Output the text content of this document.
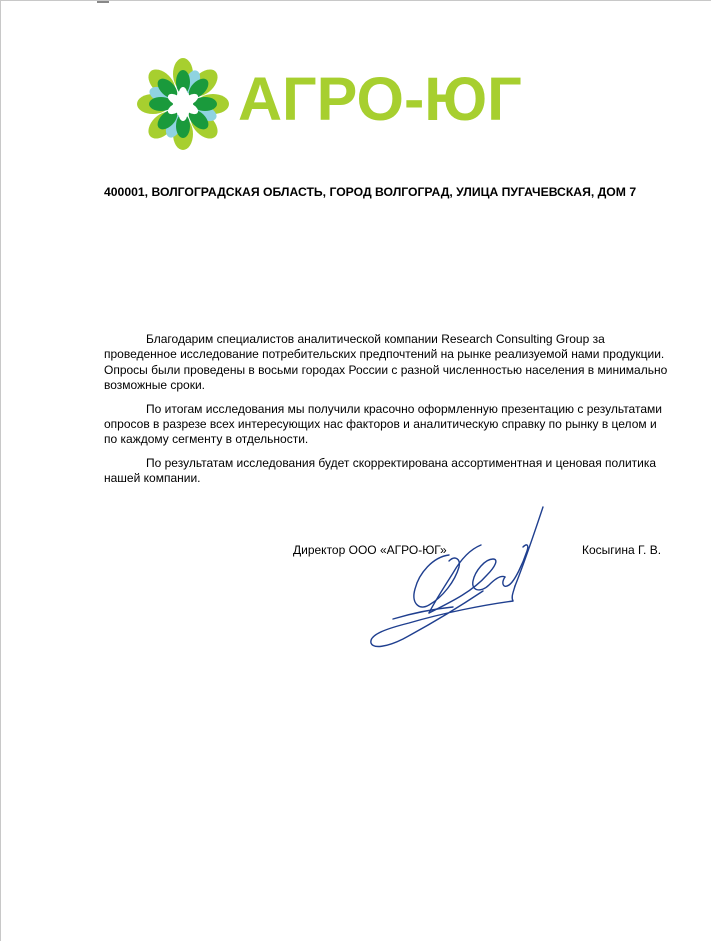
АГРО-ЮГ
400001, ВОЛГОГРАДСКАЯ ОБЛАСТЬ, ГОРОД ВОЛГОГРАД, УЛИЦА ПУГАЧЕВСКАЯ, ДОМ 7

Благодарим специалистов аналитической компании Research Consulting Group за проведенное исследование потребительских предпочтений на рынке реализуемой нами продукции. Опросы были проведены в восьми городах России с разной численностью населения в минимально возможные сроки.

По итогам исследования мы получили красочно оформленную презентацию с результатами опросов в разрезе всех интересующих нас факторов и аналитическую справку по рынку в целом и по каждому сегменту в отдельности.

По результатам исследования будет скорректирована ассортиментная и ценовая политика нашей компании.

Директор ООО «АГРО-ЮГ»	Косыгина Г. В.
